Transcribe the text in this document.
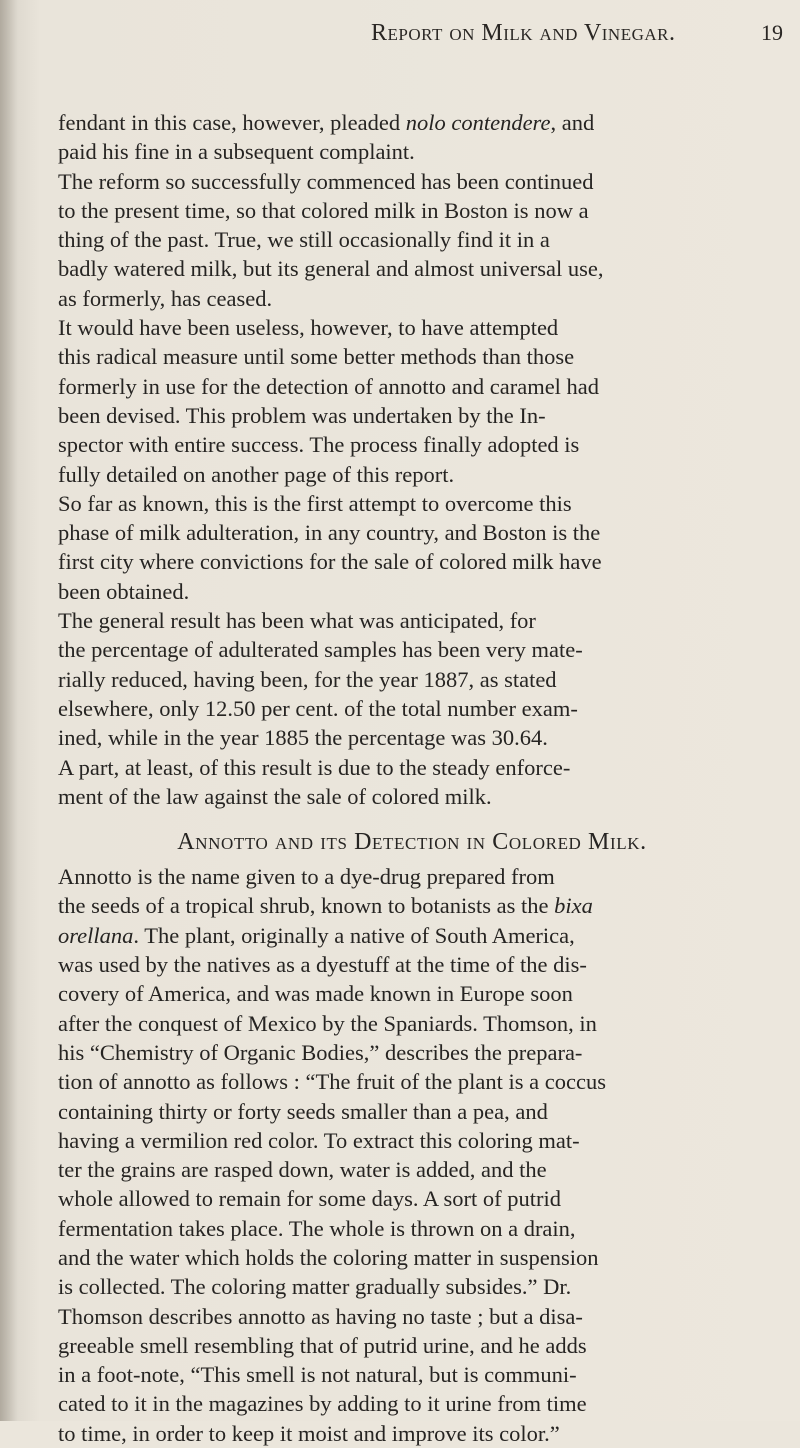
Report on Milk and Vinegar.	19
fendant in this case, however, pleaded nolo contendere, and
paid his fine in a subsequent complaint.
The reform so successfully commenced has been continued
to the present time, so that colored milk in Boston is now a
thing of the past. True, we still occasionally find it in a
badly watered milk, but its general and almost universal use,
as formerly, has ceased.
It would have been useless, however, to have attempted
this radical measure until some better methods than those
formerly in use for the detection of annotto and caramel had
been devised. This problem was undertaken by the In-
spector with entire success. The process finally adopted is
fully detailed on another page of this report.
So far as known, this is the first attempt to overcome this
phase of milk adulteration, in any country, and Boston is the
first city where convictions for the sale of colored milk have
been obtained.
The general result has been what was anticipated, for
the percentage of adulterated samples has been very mate-
rially reduced, having been, for the year 1887, as stated
elsewhere, only 12.50 per cent. of the total number exam-
ined, while in the year 1885 the percentage was 30.64.
A part, at least, of this result is due to the steady enforce-
ment of the law against the sale of colored milk.
Annotto and its Detection in Colored Milk.
Annotto is the name given to a dye-drug prepared from
the seeds of a tropical shrub, known to botanists as the bixa
orellana. The plant, originally a native of South America,
was used by the natives as a dyestuff at the time of the dis-
covery of America, and was made known in Europe soon
after the conquest of Mexico by the Spaniards. Thomson, in
his “Chemistry of Organic Bodies,” describes the prepara-
tion of annotto as follows : “The fruit of the plant is a coccus
containing thirty or forty seeds smaller than a pea, and
having a vermilion red color. To extract this coloring mat-
ter the grains are rasped down, water is added, and the
whole allowed to remain for some days. A sort of putrid
fermentation takes place. The whole is thrown on a drain,
and the water which holds the coloring matter in suspension
is collected. The coloring matter gradually subsides.” Dr.
Thomson describes annotto as having no taste ; but a disa-
greeable smell resembling that of putrid urine, and he adds
in a foot-note, “This smell is not natural, but is communi-
cated to it in the magazines by adding to it urine from time
to time, in order to keep it moist and improve its color.”
